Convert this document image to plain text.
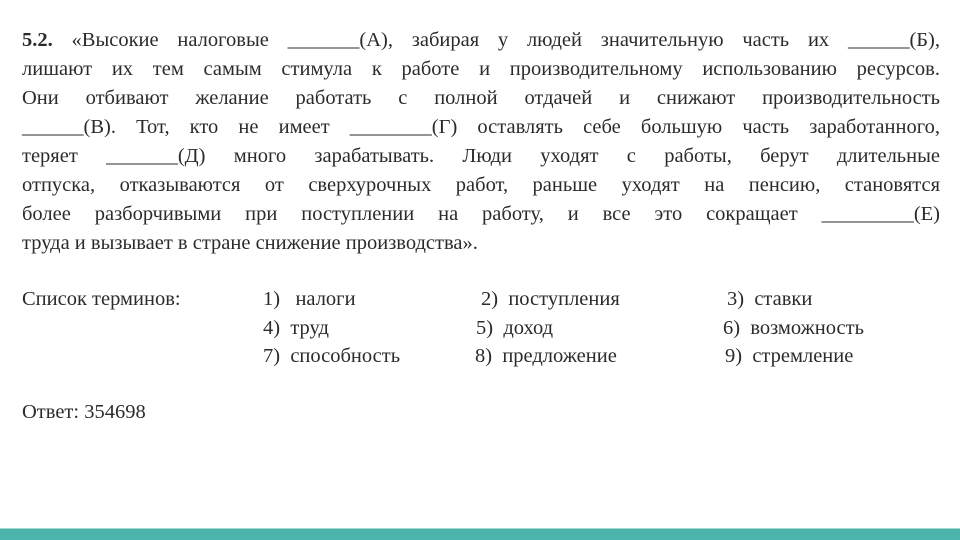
5.2. «Высокие налоговые _______(А), забирая у людей значительную часть их ______(Б),
лишают их тем самым стимула к работе и производительному использованию ресурсов.
Они отбивают желание работать с полной отдачей и снижают производительность
______(В). Тот, кто не имеет ________(Г) оставлять себе большую часть заработанного,
теряет _______(Д) много зарабатывать. Люди уходят с работы, берут длительные
отпуска, отказываются от сверхурочных работ, раньше уходят на пенсию, становятся
более разборчивыми при поступлении на работу, и все это сокращает _________(Е)
труда и вызывает в стране снижение производства».
Список терминов:	1) налоги	2) поступления	3) ставки
4) труд	5) доход	6) возможность
7) способность	8) предложение	9) стремление
Ответ: 354698
